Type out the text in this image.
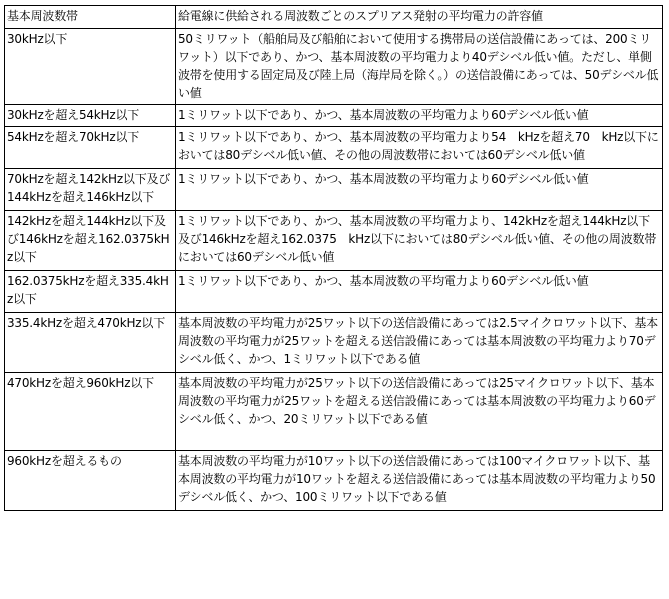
基本周波数帯	給電線に供給される周波数ごとのスプリアス発射の平均電力の許容値
30kHz以下	50ミリワット（船舶局及び船舶において使用する携帯局の送信設備にあっては、200ミリワット）以下であり、かつ、基本周波数の平均電力より40デシベル低い値。ただし、単側波帯を使用する固定局及び陸上局（海岸局を除く。）の送信設備にあっては、50デシベル低い値
30kHzを超え54kHz以下	1ミリワット以下であり、かつ、基本周波数の平均電力より60デシベル低い値
54kHzを超え70kHz以下	1ミリワット以下であり、かつ、基本周波数の平均電力より54　kHzを超え70　kHz以下においては80デシベル低い値、その他の周波数帯においては60デシベル低い値
70kHzを超え142kHz以下及び144kHzを超え146kHz以下	1ミリワット以下であり、かつ、基本周波数の平均電力より60デシベル低い値
142kHzを超え144kHz以下及び146kHzを超え162.0375kHz以下	1ミリワット以下であり、かつ、基本周波数の平均電力より、142kHzを超え144kHz以下及び146kHzを超え162.0375　kHz以下においては80デシベル低い値、その他の周波数帯においては60デシベル低い値
162.0375kHzを超え335.4kHz以下	1ミリワット以下であり、かつ、基本周波数の平均電力より60デシベル低い値
335.4kHzを超え470kHz以下	基本周波数の平均電力が25ワット以下の送信設備にあっては2.5マイクロワット以下、基本周波数の平均電力が25ワットを超える送信設備にあっては基本周波数の平均電力より70デシベル低く、かつ、1ミリワット以下である値
470kHzを超え960kHz以下	基本周波数の平均電力が25ワット以下の送信設備にあっては25マイクロワット以下、基本周波数の平均電力が25ワットを超える送信設備にあっては基本周波数の平均電力より60デシベル低く、かつ、20ミリワット以下である値
960kHzを超えるもの	基本周波数の平均電力が10ワット以下の送信設備にあっては100マイクロワット以下、基本周波数の平均電力が10ワットを超える送信設備にあっては基本周波数の平均電力より50デシベル低く、かつ、100ミリワット以下である値
